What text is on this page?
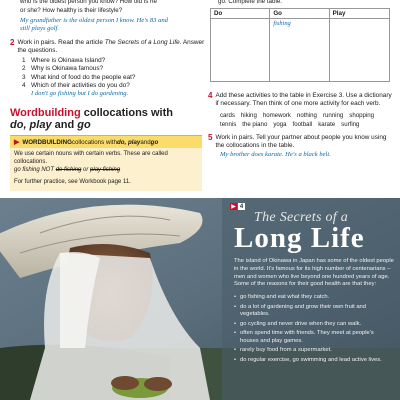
who is the oldest person you know? How old is he
or she? How healthy is their lifestyle?
My grandfather is the oldest person I know. He's 83 and
still plays golf.
2 Work in pairs. Read the article The Secrets of a Long Life. Answer the questions.
1 Where is Okinawa Island?
2 Why is Okinawa famous?
3 What kind of food do the people eat?
4 Which of their activities do you do?
I don't go fishing but I do gardening.
Wordbuilding collocations with
do, play and go
▶ WORDBUILDING collocations with do, play and go
We use certain nouns with certain verbs. These are called
collocations.
go fishing NOT do fishing or play fishing
For further practice, see Workbook page 11.
go. Complete the table.
Do	Go
fishing
Play
4 Add these activities to the table in Exercise 3. Use a dictionary if necessary. Then think of one more activity for each verb.
cards hiking homework nothing running shopping
tennis the piano yoga football karate surfing
5 Work in pairs. Tell your partner about people you know using the collocations in the table.
My brother does karate. He's a black belt.
▶ 4
The Secrets of a
Long Life
The island of Okinawa in Japan has some of the oldest people in the world. It's famous for its high number of centenarians – men and women who live beyond one hundred years of age. Some of the reasons for their good health are that they:
• go fishing and eat what they catch.
• do a lot of gardening and grow their own fruit and vegetables.
• go cycling and never drive when they can walk.
• often spend time with friends. They meet at people's houses and play games.
• rarely buy food from a supermarket.
• do regular exercise, go swimming and lead active lives.
